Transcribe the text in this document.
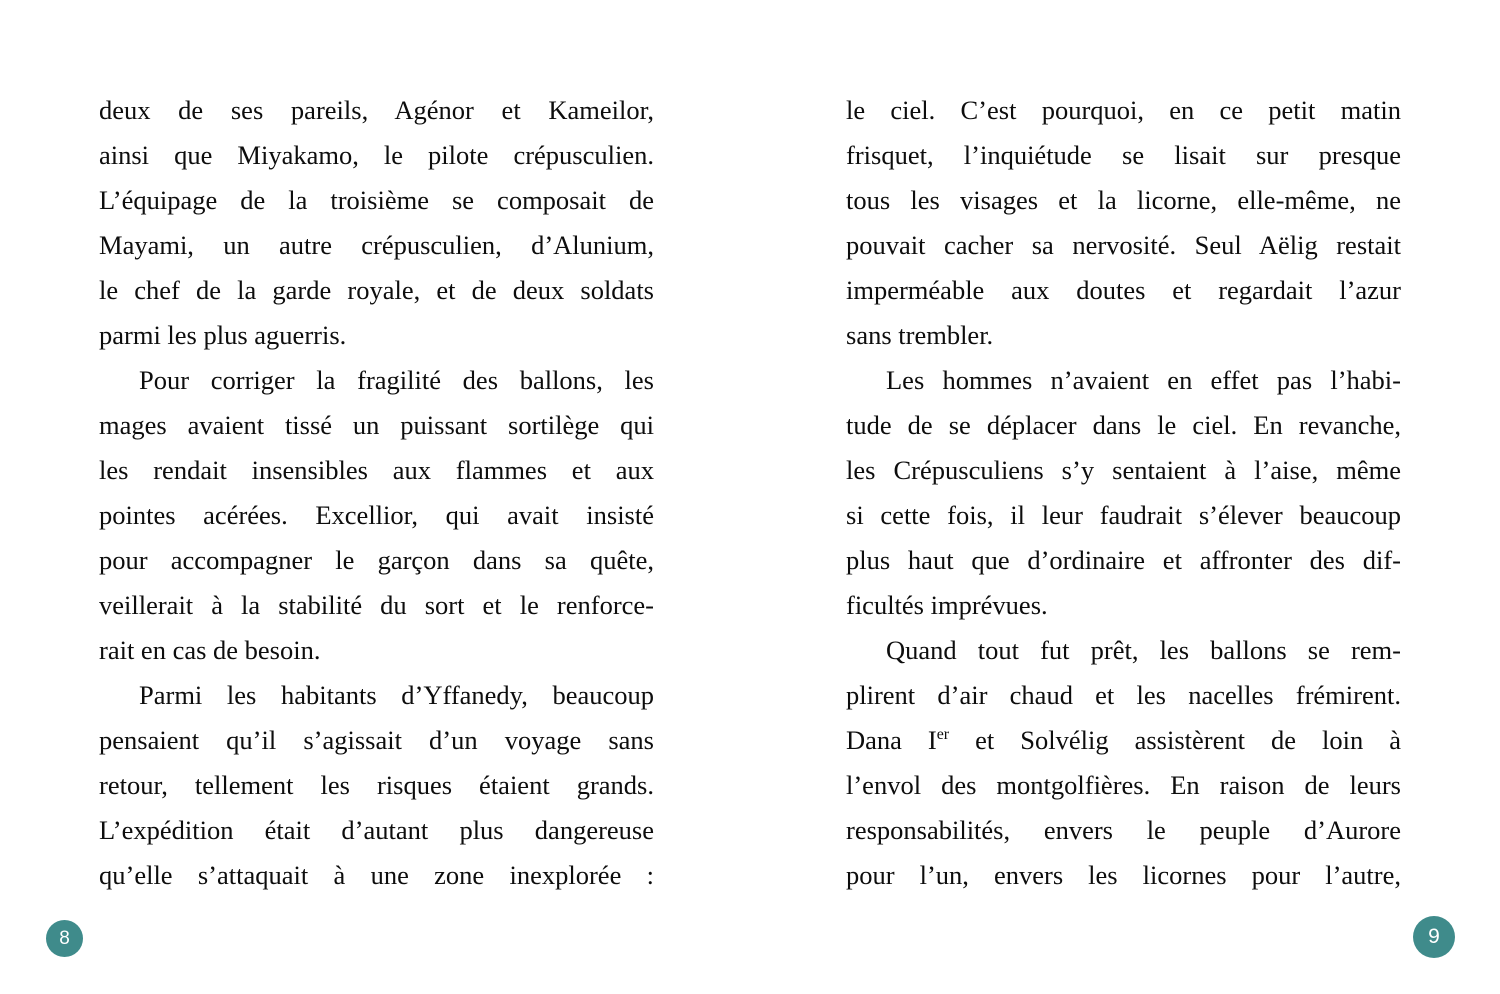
deux de ses pareils, Agénor et Kameilor,
ainsi que Miyakamo, le pilote crépusculien.
L’équipage de la troisième se composait de
Mayami, un autre crépusculien, d’Alunium,
le chef de la garde royale, et de deux soldats
parmi les plus aguerris.

Pour corriger la fragilité des ballons, les
mages avaient tissé un puissant sortilège qui
les rendait insensibles aux flammes et aux
pointes acérées. Excellior, qui avait insisté
pour accompagner le garçon dans sa quête,
veillerait à la stabilité du sort et le renforce-
rait en cas de besoin.

Parmi les habitants d’Yffanedy, beaucoup
pensaient qu’il s’agissait d’un voyage sans
retour, tellement les risques étaient grands.
L’expédition était d’autant plus dangereuse
qu’elle s’attaquait à une zone inexplorée :

le ciel. C’est pourquoi, en ce petit matin
frisquet, l’inquiétude se lisait sur presque
tous les visages et la licorne, elle-même, ne
pouvait cacher sa nervosité. Seul Aëlig restait
imperméable aux doutes et regardait l’azur
sans trembler.

Les hommes n’avaient en effet pas l’habi-
tude de se déplacer dans le ciel. En revanche,
les Crépusculiens s’y sentaient à l’aise, même
si cette fois, il leur faudrait s’élever beaucoup
plus haut que d’ordinaire et affronter des dif-
ficultés imprévues.

Quand tout fut prêt, les ballons se rem-
plirent d’air chaud et les nacelles frémirent.
Dana Ier et Solvélig assistèrent de loin à
l’envol des montgolfières. En raison de leurs
responsabilités, envers le peuple d’Aurore
pour l’un, envers les licornes pour l’autre,

8	9
